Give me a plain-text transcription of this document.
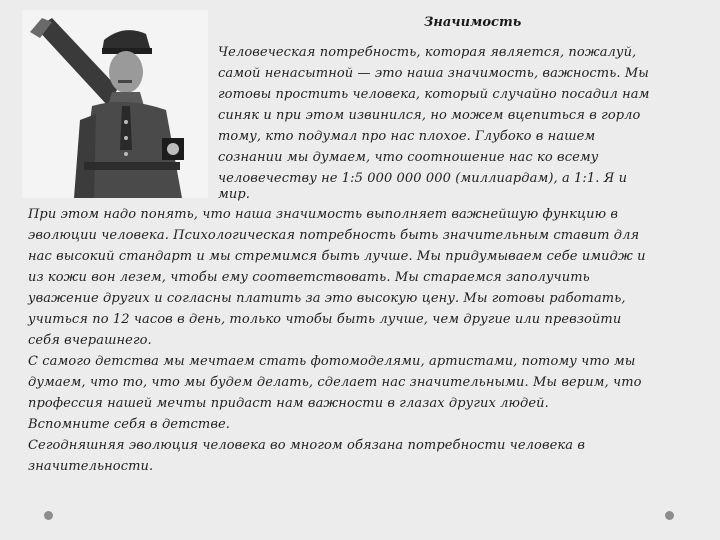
Значимость
Человеческая потребность, которая является, пожалуй,
самой ненасытной — это наша значимость, важность. Мы
готовы простить человека, который случайно посадил нам
синяк и при этом извинился, но можем вцепиться в горло
тому, кто подумал про нас плохое. Глубоко в нашем
сознании мы думаем, что соотношение нас ко всему
человечеству не 1:5 000 000 000 (миллиардам), а 1:1. Я и
мир.
При этом надо понять, что наша значимость выполняет важнейшую функцию в
эволюции человека. Психологическая потребность быть значительным ставит для
нас высокий стандарт и мы стремимся быть лучше. Мы придумываем себе имидж и
из кожи вон лезем, чтобы ему соответствовать. Мы стараемся заполучить
уважение других и согласны платить за это высокую цену. Мы готовы работать,
учиться по 12 часов в день, только чтобы быть лучше, чем другие или превзойти
себя вчерашнего.
С самого детства мы мечтаем стать фотомоделями, артистами, потому что мы
думаем, что то, что мы будем делать, сделает нас значительными. Мы верим, что
профессия нашей мечты придаст нам важности в глазах других людей.
Вспомните себя в детстве.
Сегодняшняя эволюция человека во многом обязана потребности человека в
значительности.
